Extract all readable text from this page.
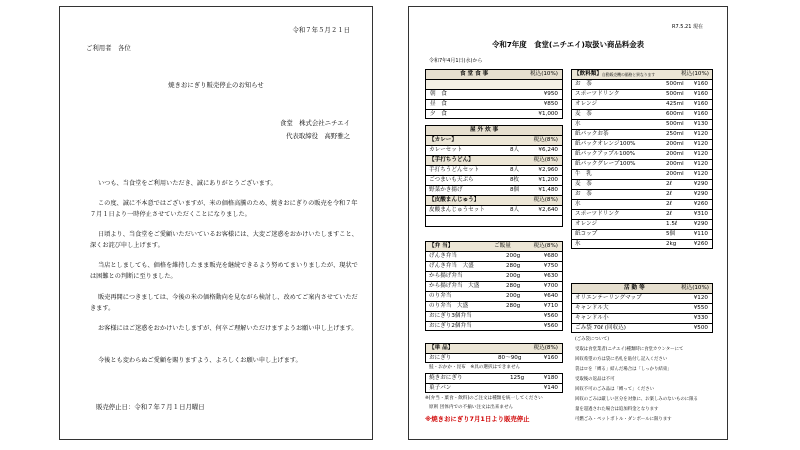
令和７年５月２１日
ご利用者　各位
焼きおにぎり販売停止のお知らせ
食堂　株式会社ニチエイ
代表取締役　高野雅之
いつも、当食堂をご利用いただき、誠にありがとうございます。
この度、誠に不本意ではございますが、米の価格高騰のため、焼きおにぎりの販売を令和７年７月１日より一時停止させていただくことになりました。
日頃より、当食堂をご愛顧いただいているお客様には、大変ご迷惑をおかけいたしますこと、深くお詫び申し上げます。
当店としましても、価格を維持したまま販売を継続できるよう努めてまいりましたが、現状では困難との判断に至りました。
販売再開につきましては、今後の米の価格動向を見ながら検討し、改めてご案内させていただきます。
お客様にはご迷惑をおかけいたしますが、何卒ご理解いただけますようお願い申し上げます。
今後とも変わらぬご愛顧を賜りますよう、よろしくお願い申し上げます。
販売停止日：令和７年７月１日月曜日
R7.5.21 現在
令和7年度　食堂(ニチエイ)取扱い商品料金表
令和7年4月1日(水)から
食 堂 食 事	税込(10%)
朝　食	¥950
昼　食	¥850
夕　食	¥1,000
屋 外 炊 事
【カレー】	税込(8%)
カレーセット	8人	¥6,240
【手打ちうどん】	税込(8%)
手打ちうどんセット	8人	¥2,960
ごつまいも天ぷら	8枚	¥1,200
野菜かき揚げ	8個	¥1,480
【皮酸まんじゅう】	税込(8%)
皮酸まんじゅうセット	8人	¥2,640
【弁 当】	ご飯量	税込(8%)
げんき弁当	200g	¥680
げんき弁当　大盛	280g	¥750
から揚げ弁当	200g	¥630
から揚げ弁当　大盛	280g	¥700
のり弁当	200g	¥640
のり弁当　大盛	280g	¥710
おにぎり3個弁当	¥560
おにぎり2個弁当	¥560
【単 品】	税込(8%)
おにぎり	80～90g	¥160
鮭・おかか・昆布　※具の選択はできません
焼きおにぎり	125g	¥180
菓子パン	¥140
※[弁当・菓食・飲料]のご注文は種類を統一してください
原則 団体内での不揃い注文は出来ません
※焼きおにぎり7月1日より販売停止
【飲料類】 自動販売機の価格と異なります	税込(10%)
お　茶	500ml ¥160
スポーツドリンク	500ml ¥160
オレンジ	425ml ¥160
麦　茶	600ml ¥160
水	500ml ¥130
紙パックお茶	250ml ¥120
紙パックオレンジ100%	200ml ¥120
紙パックアップル100%	200ml ¥120
紙パックグレープ100%	200ml ¥120
牛　乳	200ml ¥120
麦　茶	2ℓ	¥290
お　茶	2ℓ	¥290
水	2ℓ	¥260
スポーツドリンク	2ℓ	¥310
オレンジ	1.5ℓ	¥290
紙コップ	5個	¥110
氷	2kg	¥260
活 動 等	税込(10%)
オリエンテーリングマップ	¥120
キャンドル大	¥550
キャンドル小	¥330
ごみ袋 70ℓ (回収込)	¥500
(ごみ袋について)
受取は食堂業者(ニチエイ)種類時に食堂カウンターにて
回収希望の方は袋に名札を貼付し記入ください
袋はロを「縛る」結んだ場合は「しっかり結束」
受取後の返品は不可
回収不可のごみ品は「縛って」ください
回収のごみは厳しい区分を対象に、お楽しみのないものに限る
量を超過された場合は追加料金となります
可燃ごみ・ペットボトル・ダンボールに限ります
